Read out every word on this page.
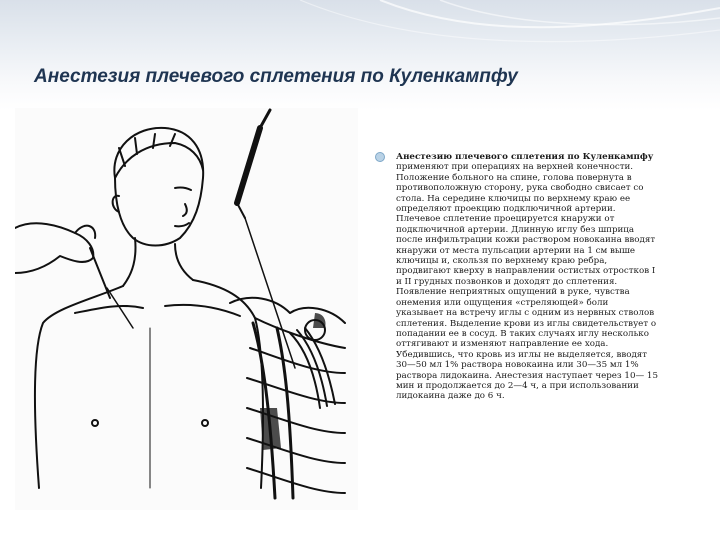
Анестезия плечевого сплетения по Куленкампфу

Анестезию плечевого сплетения по Куленкампфу применяют при операциях на верхней конечности. Положение больного на спине, голова повернута в противоположную сторону, рука свободно свисает со стола. На середине ключицы по верхнему краю ее определяют проекцию подключичной артерии. Плечевое сплетение проецируется кнаружи от подключичной артерии. Длинную иглу без шприца после инфильтрации кожи раствором новокаина вводят кнаружи от места пульсации артерии на 1 см выше ключицы и, скользя по верхнему краю ребра, продвигают кверху в направлении остистых отростков I и II грудных позвонков и доходят до сплетения. Появление неприятных ощущений в руке, чувства онемения или ощущения «стреляющей» боли указывает на встречу иглы с одним из нервных стволов сплетения. Выделение крови из иглы свидетельствует о попадании ее в сосуд. В таких случаях иглу несколько оттягивают и изменяют направление ее хода. Убедившись, что кровь из иглы не выделяется, вводят 30—50 мл 1% раствора новокаина или 30—35 мл 1% раствора лидокаина. Анестезия наступает через 10— 15 мин и продолжается до 2—4 ч, а при использовании лидокаина даже до 6 ч.
